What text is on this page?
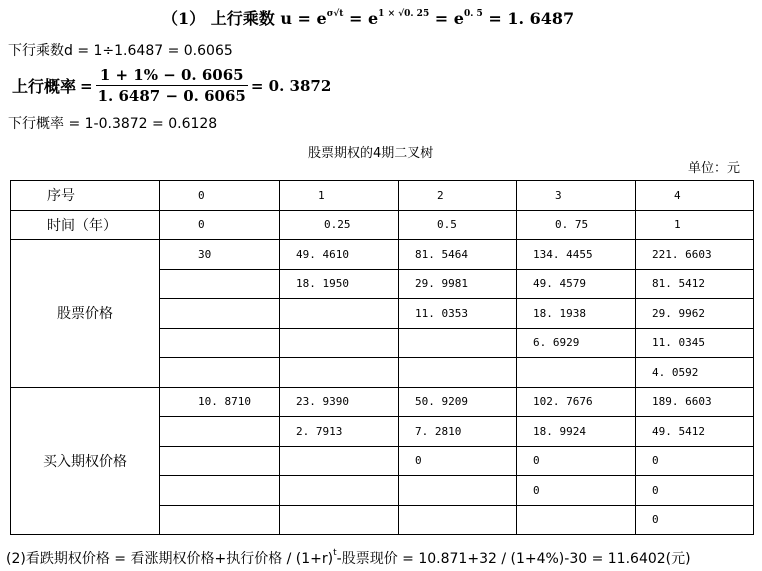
（1） 上行乘数 $u = e^{\sigma√t} = e^{1 \times √0. 25} = e^{0. 5} = 1$. 6487
下行乘数d = 1÷1.6487 = 0.6065
上行概率 = $\frac{1 + 1\% - 0. 6065}{1. 6487 - 0. 6065} = 0$. 3872
下行概率 = 1-0.3872 = 0.6128
股票期权的4期二叉树
单位：元
序号	0	1	2	3	4
时间（年）	0	0.25	0.5	0. 75	1
股票价格	30	49. 4610	81. 5464	134. 4455	221. 6603
		18. 1950	29. 9981	49. 4579	81. 5412
			11. 0353	18. 1938	29. 9962
				6. 6929	11. 0345
					4. 0592
买入期权价格	10. 8710	23. 9390	50. 9209	102. 7676	189. 6603
		2. 7913	7. 2810	18. 9924	49. 5412
			0	0	0
				0	0
					0
(2)看跌期权价格 = 看涨期权价格+执行价格 / $(1+r)^t-$股票现价 = 10.871+32 / (1+4%)-30 = 11.6402(元)
